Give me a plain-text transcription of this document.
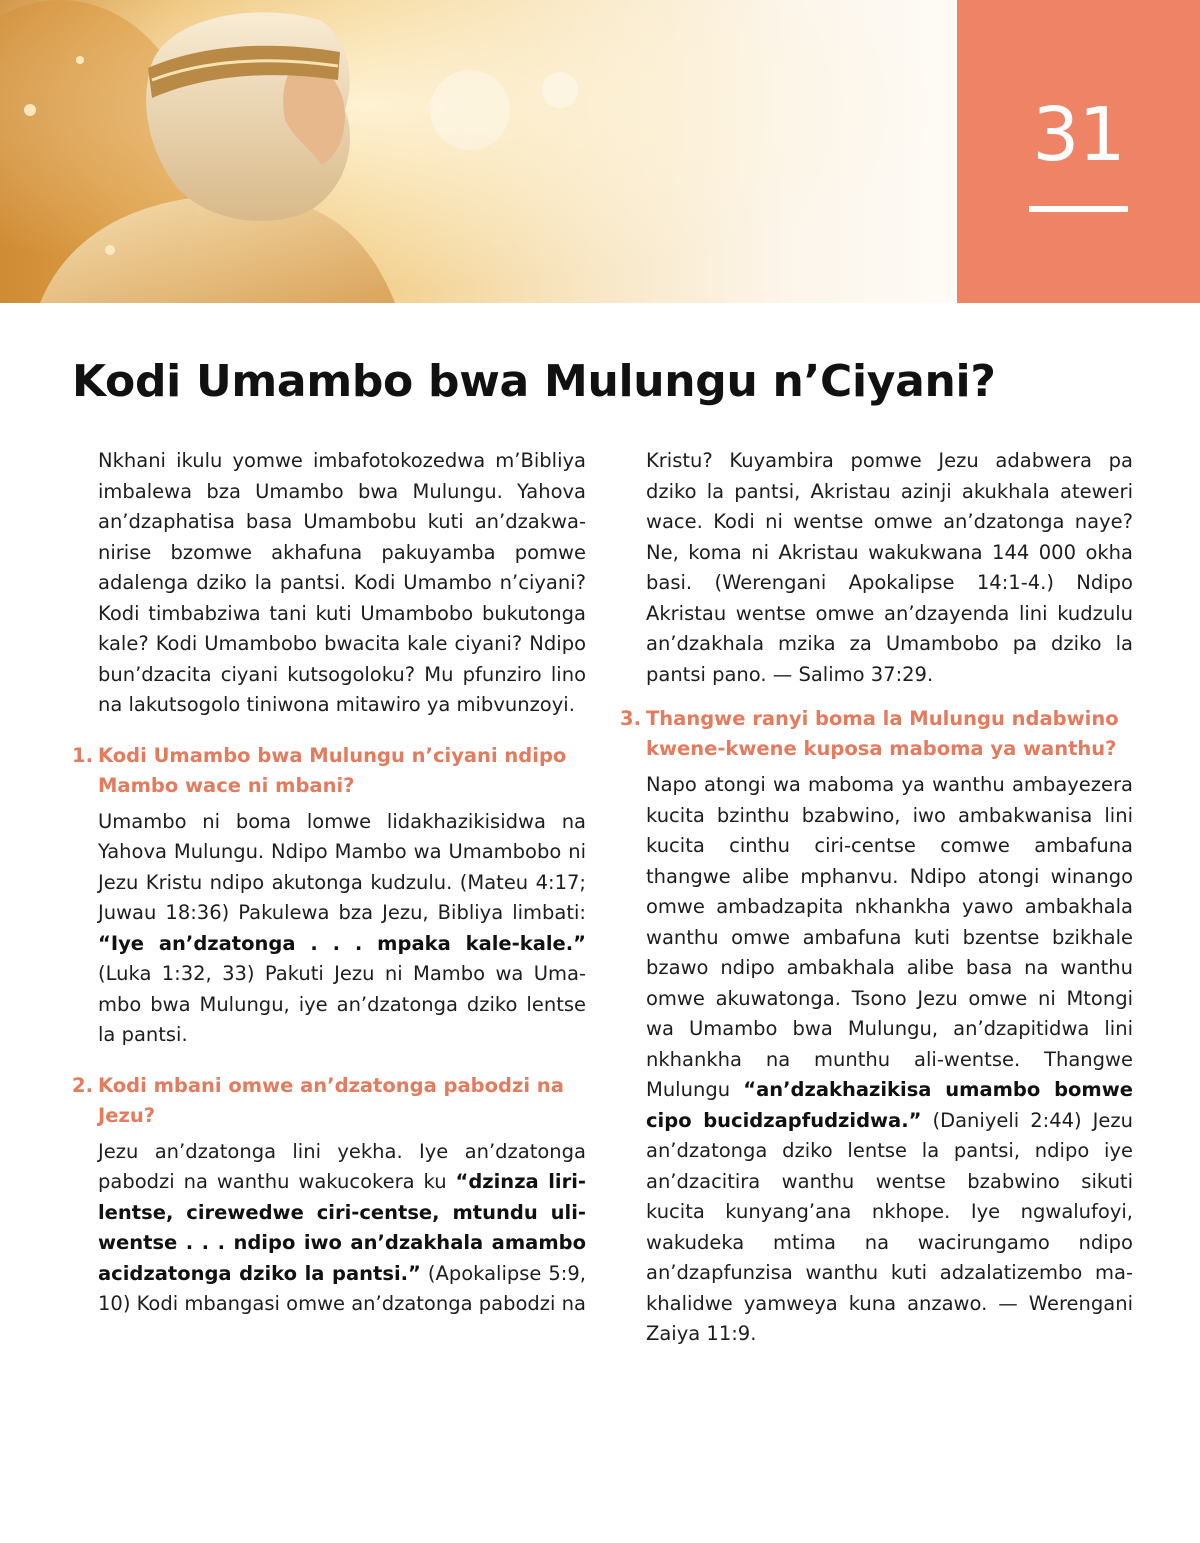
31
Kodi Umambo bwa Mulungu n’Ciyani?

Nkhani ikulu yomwe imbafotokozedwa m’Bibliya imbalewa bza Umambo bwa Mulungu. Yahova an’dzaphatisa basa Umambobu kuti an’dzakwanirise bzomwe akhafuna pakuyamba pomwe adalenga dziko la pantsi. Kodi Umambo n’ciyani? Kodi timbabziwa tani kuti Umambobo bukutonga kale? Kodi Umambobo bwacita kale ciyani? Ndipo bun’dzacita ciyani kutsogoloku? Mu pfunziro lino na lakutsogolo tiniwona mitawiro ya mibvunzoyi.

1. Kodi Umambo bwa Mulungu n’ciyani ndipo Mambo wace ni mbani?

Umambo ni boma lomwe lidakhazikisidwa na Yahova Mulungu. Ndipo Mambo wa Umambobo ni Jezu Kristu ndipo akutonga kudzulu. (Mateu 4:17; Juwau 18:36) Pakulewa bza Jezu, Bibliya limbati: “Iye an’dzatonga . . . mpaka kale-kale.” (Luka 1:32, 33) Pakuti Jezu ni Mambo wa Umambo bwa Mulungu, iye an’dzatonga dziko lentse la pantsi.

2. Kodi mbani omwe an’dzatonga pabodzi na Jezu?

Jezu an’dzatonga lini yekha. Iye an’dzatonga pabodzi na wanthu wakucokera ku “dzinza liri-lentse, cirewedwe ciri-centse, mtundu uli-wentse . . . ndipo iwo an’dzakhala amambo acidzatonga dziko la pantsi.” (Apokalipse 5:9, 10) Kodi mbangasi omwe an’dzatonga pabodzi na

3. Thangwe ranyi boma la Mulungu ndabwino kwene-kwene kuposa maboma ya wanthu?

Napo atongi wa maboma ya wanthu ambayezera kucita bzinthu bzabwino, iwo ambakwanisa lini kucita cinthu ciri-centse comwe ambafuna thangwe alibe mphanvu. Ndipo atongi winango omwe ambadzapita nkhankha yawo ambakhala wanthu omwe ambafuna kuti bzentse bzikhale bzawo ndipo ambakhala alibe basa na wanthu omwe akuwatonga. Tsono Jezu omwe ni Mtongi wa Umambo bwa Mulungu, an’dzapitidwa lini nkhankha na munthu ali-wentse. Thangwe Mulungu “an’dzakhazikisa umambo bomwe cipo bucidzapfudzidwa.” (Daniyeli 2:44) Jezu an’dzatonga dziko lentse la pantsi, ndipo iye an’dzacitira wanthu wentse bzabwino sikuti kucita kunyang’ana nkhope. Iye ngwalufoyi, wakudeka mtima na wacirungamo ndipo an’dzapfunzisa wanthu kuti adzalatizembo makhalidwe yamweya kuna anzawo. — Werengani Zaiya 11:9.

Kristu? Kuyambira pomwe Jezu adabwera pa dziko la pantsi, Akristau azinji akukhala ateweri wace. Kodi ni wentse omwe an’dzatonga naye? Ne, koma ni Akristau wakukwana 144 000 okha basi. (Werengani Apokalipse 14:1-4.) Ndipo Akristau wentse omwe an’dzayenda lini kudzulu an’dzakhala mzika za Umambobo pa dziko la pantsi pano. — Salimo 37:29.
